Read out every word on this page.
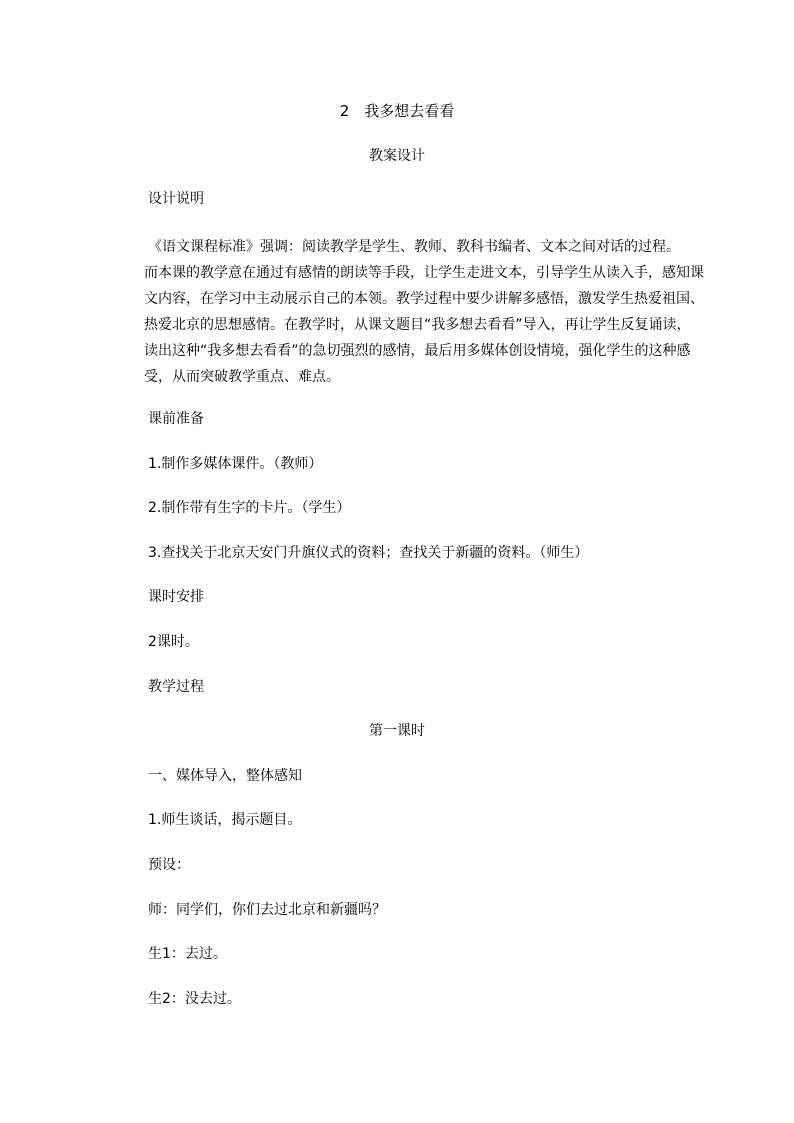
2　我多想去看看
教案设计
设计说明
《语文课程标准》强调：阅读教学是学生、教师、教科书编者、文本之间对话的过程。
而本课的教学意在通过有感情的朗读等手段，让学生走进文本，引导学生从读入手，感知课
文内容，在学习中主动展示自己的本领。教学过程中要少讲解多感悟，激发学生热爱祖国、
热爱北京的思想感情。在教学时，从课文题目“我多想去看看”导入，再让学生反复诵读，
读出这种“我多想去看看”的急切强烈的感情，最后用多媒体创设情境，强化学生的这种感
受，从而突破教学重点、难点。
课前准备
1.制作多媒体课件。（教师）
2.制作带有生字的卡片。（学生）
3.查找关于北京天安门升旗仪式的资料；查找关于新疆的资料。（师生）
课时安排
2课时。
教学过程
第一课时
一、媒体导入，整体感知
1.师生谈话，揭示题目。
预设：
师：同学们，你们去过北京和新疆吗？
生1：去过。
生2：没去过。
